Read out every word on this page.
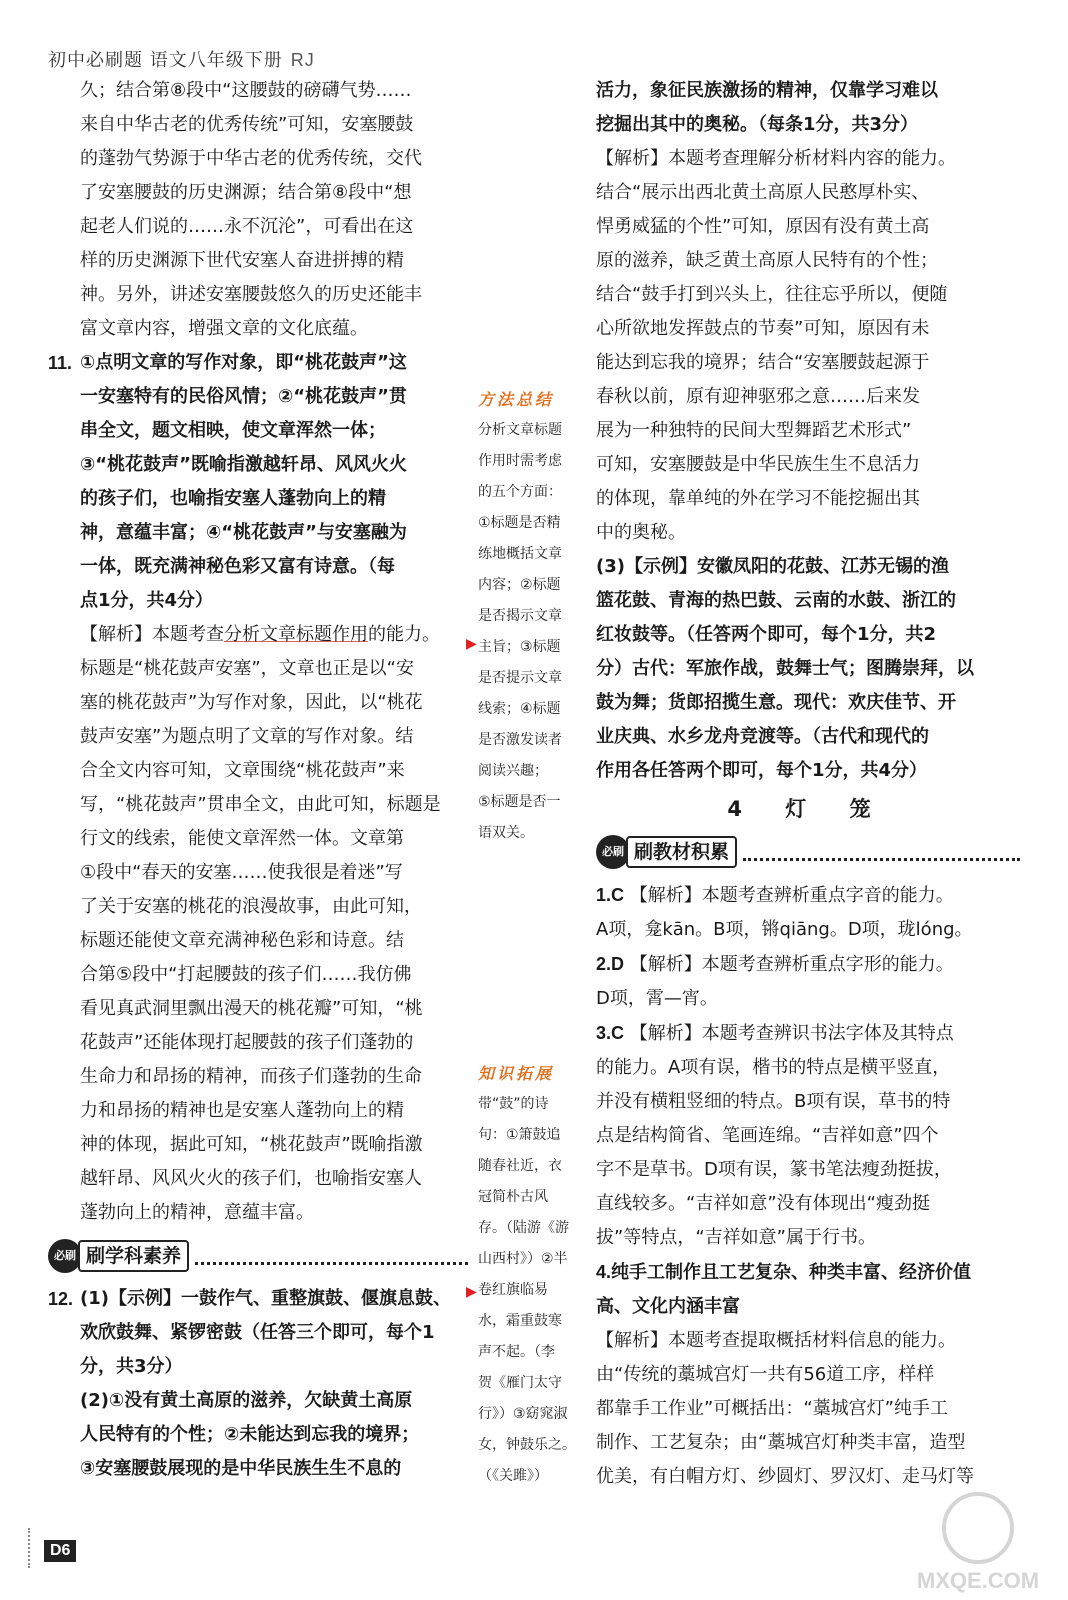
初中必刷题 语文八年级下册 RJ
久；结合第⑧段中“这腰鼓的磅礴气势……
来自中华古老的优秀传统”可知，安塞腰鼓
的蓬勃气势源于中华古老的优秀传统，交代
了安塞腰鼓的历史渊源；结合第⑧段中“想
起老人们说的……永不沉沦”，可看出在这
样的历史渊源下世代安塞人奋进拼搏的精
神。另外，讲述安塞腰鼓悠久的历史还能丰
富文章内容，增强文章的文化底蕴。
11. ①点明文章的写作对象，即“桃花鼓声”这
一安塞特有的民俗风情；②“桃花鼓声”贯
串全文，题文相映，使文章浑然一体；
③“桃花鼓声”既喻指激越轩昂、风风火火
的孩子们，也喻指安塞人蓬勃向上的精
神，意蕴丰富；④“桃花鼓声”与安塞融为
一体，既充满神秘色彩又富有诗意。（每
点1分，共4分）
【解析】本题考查分析文章标题作用的能力。
标题是“桃花鼓声安塞”，文章也正是以“安
塞的桃花鼓声”为写作对象，因此，以“桃花
鼓声安塞”为题点明了文章的写作对象。结
合全文内容可知，文章围绕“桃花鼓声”来
写，“桃花鼓声”贯串全文，由此可知，标题是
行文的线索，能使文章浑然一体。文章第
①段中“春天的安塞……使我很是着迷”写
了关于安塞的桃花的浪漫故事，由此可知，
标题还能使文章充满神秘色彩和诗意。结
合第⑤段中“打起腰鼓的孩子们……我仿佛
看见真武洞里飘出漫天的桃花瓣”可知，“桃
花鼓声”还能体现打起腰鼓的孩子们蓬勃的
生命力和昂扬的精神，而孩子们蓬勃的生命
力和昂扬的精神也是安塞人蓬勃向上的精
神的体现，据此可知，“桃花鼓声”既喻指激
越轩昂、风风火火的孩子们，也喻指安塞人
蓬勃向上的精神，意蕴丰富。
必刷 刷学科素养
12. (1)【示例】一鼓作气、重整旗鼓、偃旗息鼓、
欢欣鼓舞、紧锣密鼓（任答三个即可，每个1
分，共3分）
(2)①没有黄土高原的滋养，欠缺黄土高原
人民特有的个性；②未能达到忘我的境界；
③安塞腰鼓展现的是中华民族生生不息的

方法总结

分析文章标题

作用时需考虑

的五个方面：

①标题是否精

练地概括文章

内容；②标题

是否揭示文章

主旨；③标题

是否提示文章

线索；④标题

是否激发读者

阅读兴趣；

⑤标题是否一

语双关。

▶

知识拓展

带“鼓”的诗

句：①箫鼓追

随春社近，衣

冠简朴古风

存。（陆游《游

山西村》）②半

卷红旗临易

水，霜重鼓寒

声不起。（李

贺《雁门太守

行》）③窈窕淑

女，钟鼓乐之。

（《关雎》）

▶
活力，象征民族激扬的精神，仅靠学习难以
挖掘出其中的奥秘。（每条1分，共3分）
【解析】本题考查理解分析材料内容的能力。
结合“展示出西北黄土高原人民憨厚朴实、
悍勇威猛的个性”可知，原因有没有黄土高
原的滋养，缺乏黄土高原人民特有的个性；
结合“鼓手打到兴头上，往往忘乎所以，便随
心所欲地发挥鼓点的节奏”可知，原因有未
能达到忘我的境界；结合“安塞腰鼓起源于
春秋以前，原有迎神驱邪之意……后来发
展为一种独特的民间大型舞蹈艺术形式”
可知，安塞腰鼓是中华民族生生不息活力
的体现，靠单纯的外在学习不能挖掘出其
中的奥秘。
(3)【示例】安徽凤阳的花鼓、江苏无锡的渔
篮花鼓、青海的热巴鼓、云南的水鼓、浙江的
红妆鼓等。（任答两个即可，每个1分，共2
分）古代：军旅作战，鼓舞士气；图腾崇拜，以
鼓为舞；货郎招揽生意。现代：欢庆佳节、开
业庆典、水乡龙舟竞渡等。（古代和现代的
作用各任答两个即可，每个1分，共4分）
4 灯 笼
必刷 刷教材积累
1.C 【解析】本题考查辨析重点字音的能力。
A项，龛kān。B项，锵qiāng。D项，珑lóng。
2.D 【解析】本题考查辨析重点字形的能力。
D项，霄—宵。
3.C 【解析】本题考查辨识书法字体及其特点
的能力。A项有误，楷书的特点是横平竖直，
并没有横粗竖细的特点。B项有误，草书的特
点是结构简省、笔画连绵。“吉祥如意”四个
字不是草书。D项有误，篆书笔法瘦劲挺拔，
直线较多。“吉祥如意”没有体现出“瘦劲挺
拔”等特点，“吉祥如意”属于行书。
4.纯手工制作且工艺复杂、种类丰富、经济价值
高、文化内涵丰富
【解析】本题考查提取概括材料信息的能力。
由“传统的藁城宫灯一共有56道工序，样样
都靠手工作业”可概括出：“藁城宫灯”纯手工
制作、工艺复杂；由“藁城宫灯种类丰富，造型
优美，有白帽方灯、纱圆灯、罗汉灯、走马灯等
D6
MXQE.COM
